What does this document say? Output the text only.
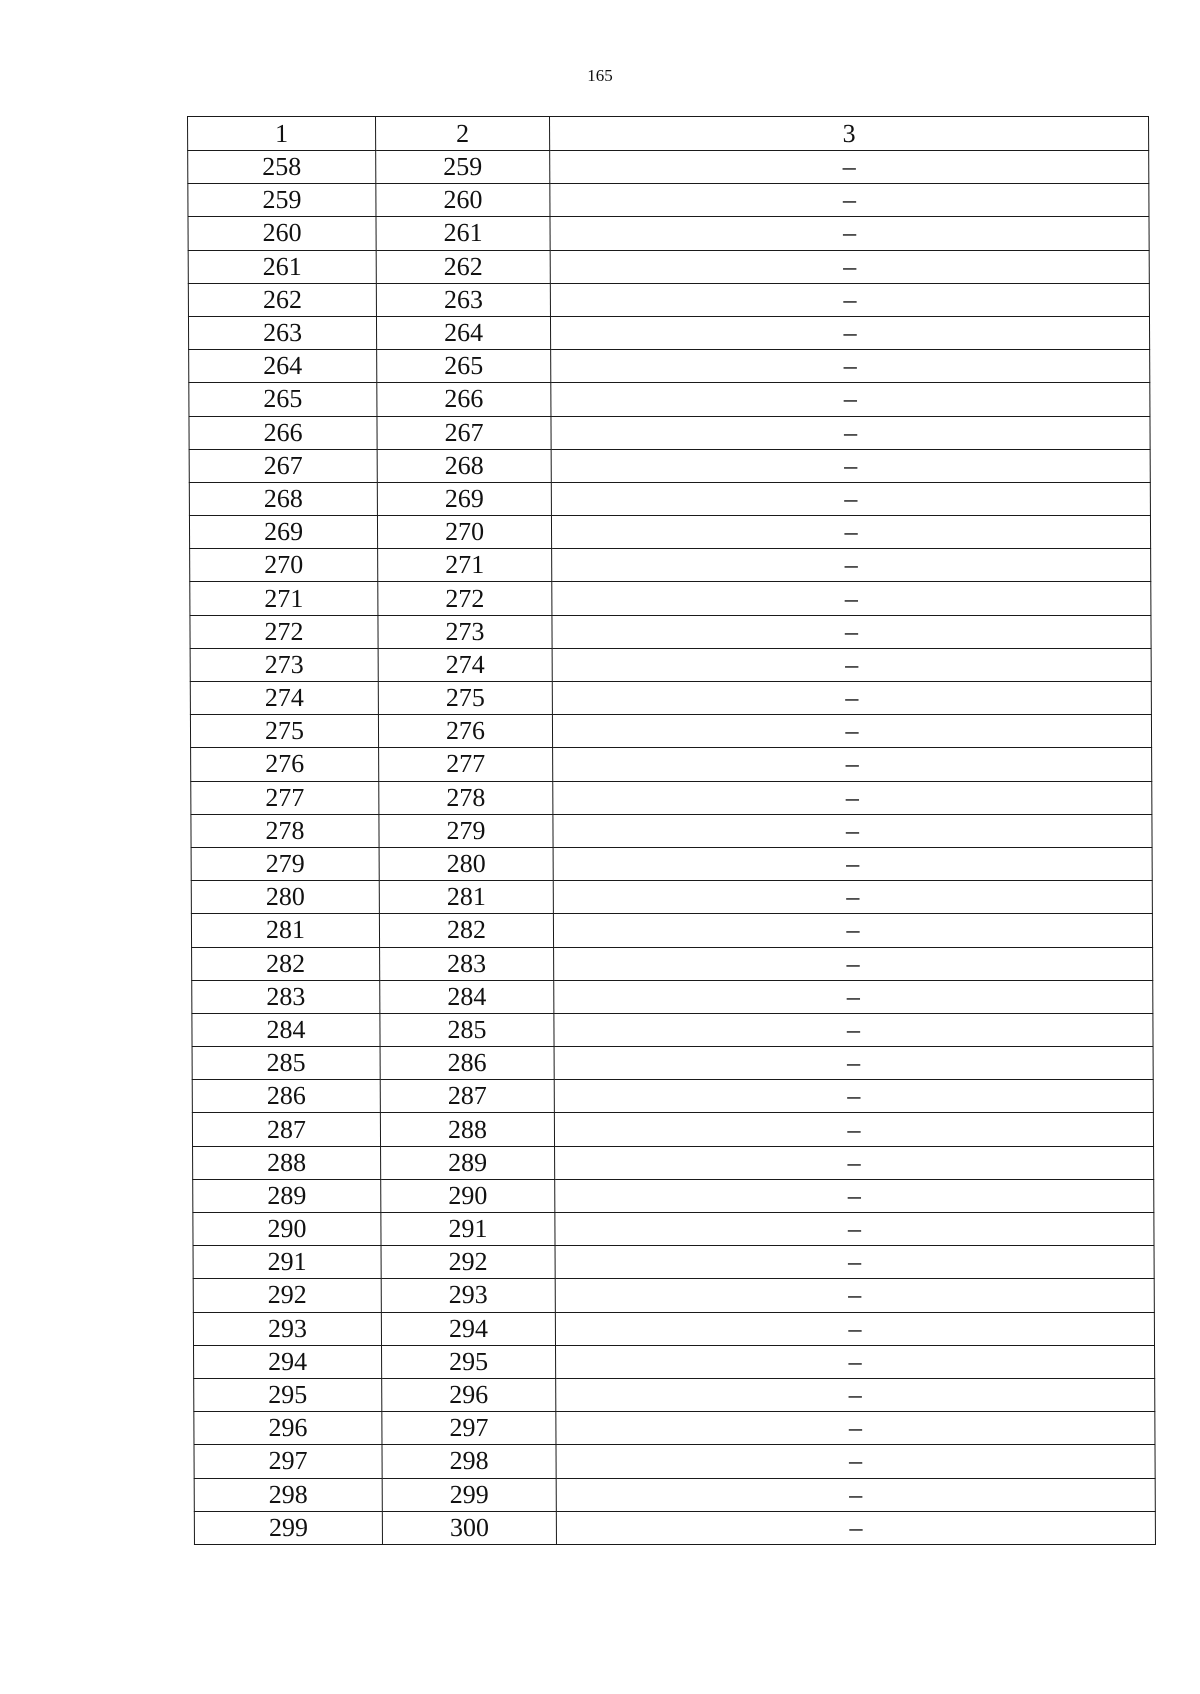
165
1	2	3
258	259	–
259	260	–
260	261	–
261	262	–
262	263	–
263	264	–
264	265	–
265	266	–
266	267	–
267	268	–
268	269	–
269	270	–
270	271	–
271	272	–
272	273	–
273	274	–
274	275	–
275	276	–
276	277	–
277	278	–
278	279	–
279	280	–
280	281	–
281	282	–
282	283	–
283	284	–
284	285	–
285	286	–
286	287	–
287	288	–
288	289	–
289	290	–
290	291	–
291	292	–
292	293	–
293	294	–
294	295	–
295	296	–
296	297	–
297	298	–
298	299	–
299	300	–
